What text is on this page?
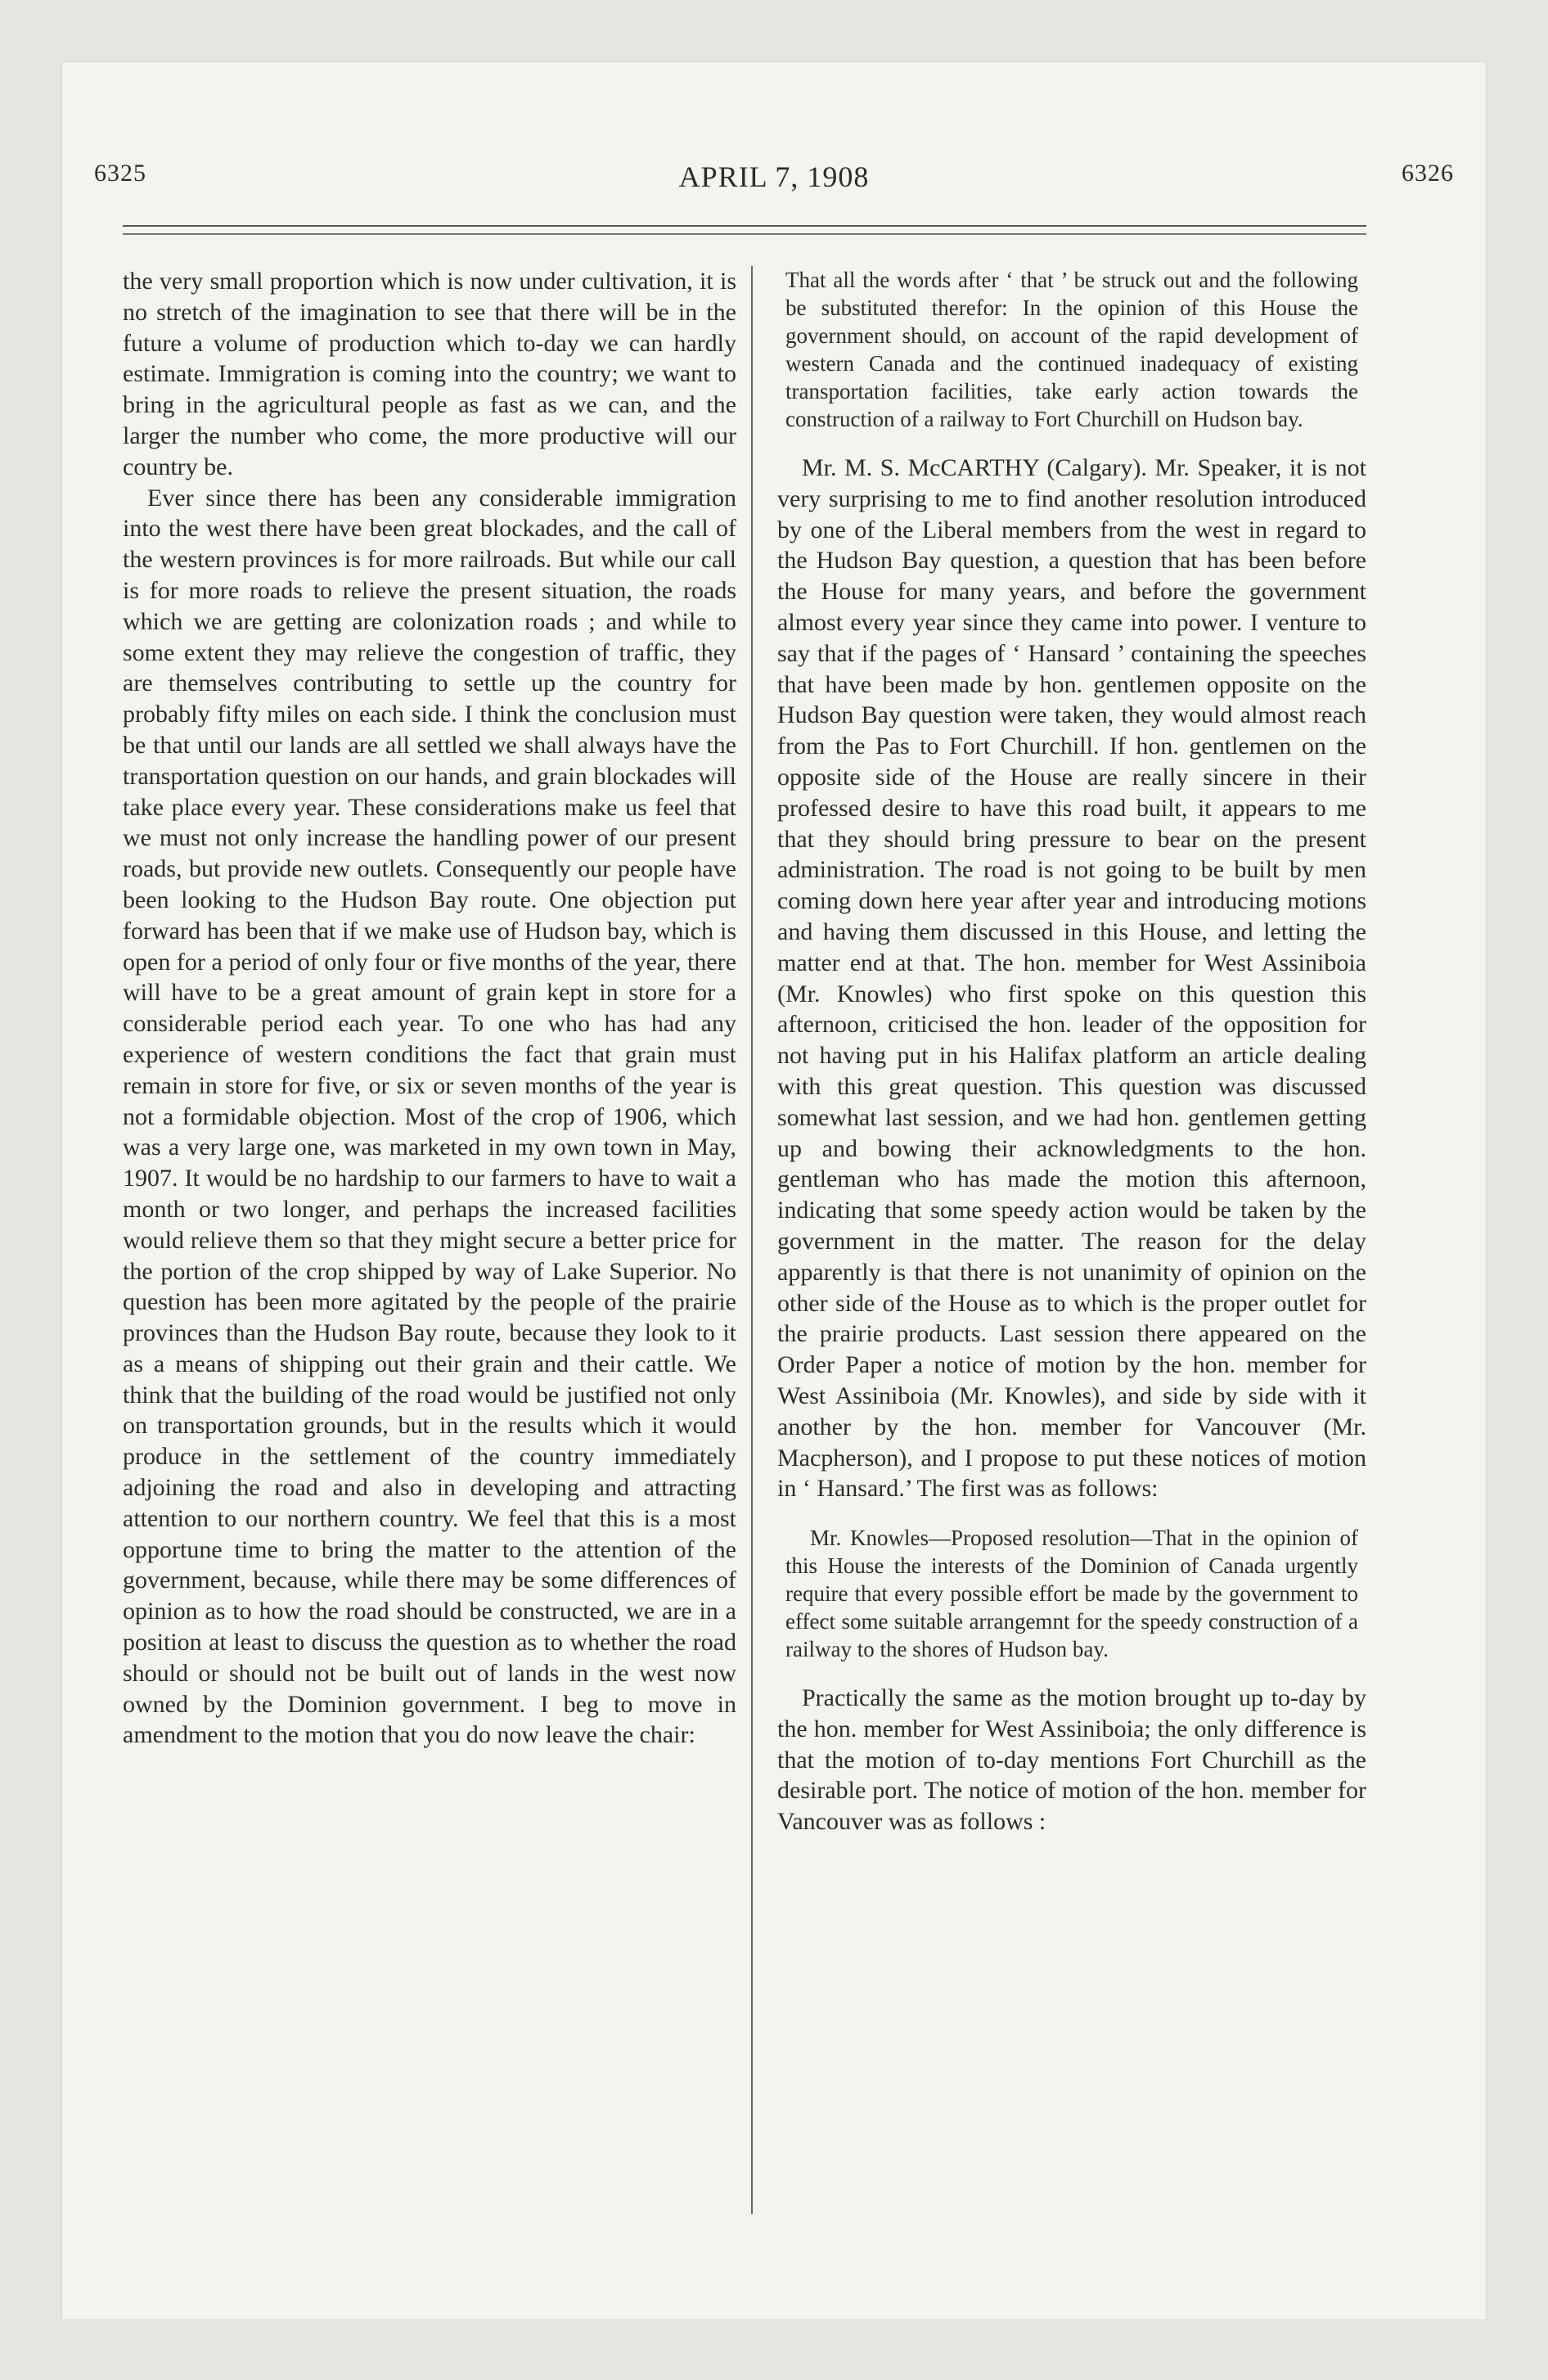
6325	APRIL 7, 1908	6326

the very small proportion which is now under cultivation, it is no stretch of the imagination to see that there will be in the future a volume of production which to-day we can hardly estimate. Immigration is coming into the country; we want to bring in the agricultural people as fast as we can, and the larger the number who come, the more productive will our country be.

Ever since there has been any considerable immigration into the west there have been great blockades, and the call of the western provinces is for more railroads. But while our call is for more roads to relieve the present situation, the roads which we are getting are colonization roads ; and while to some extent they may relieve the congestion of traffic, they are themselves contributing to settle up the country for probably fifty miles on each side. I think the conclusion must be that until our lands are all settled we shall always have the transportation question on our hands, and grain blockades will take place every year. These considerations make us feel that we must not only increase the handling power of our present roads, but provide new outlets. Consequently our people have been looking to the Hudson Bay route. One objection put forward has been that if we make use of Hudson bay, which is open for a period of only four or five months of the year, there will have to be a great amount of grain kept in store for a considerable period each year. To one who has had any experience of western conditions the fact that grain must remain in store for five, or six or seven months of the year is not a formidable objection. Most of the crop of 1906, which was a very large one, was marketed in my own town in May, 1907. It would be no hardship to our farmers to have to wait a month or two longer, and perhaps the increased facilities would relieve them so that they might secure a better price for the portion of the crop shipped by way of Lake Superior. No question has been more agitated by the people of the prairie provinces than the Hudson Bay route, because they look to it as a means of shipping out their grain and their cattle. We think that the building of the road would be justified not only on transportation grounds, but in the results which it would produce in the settlement of the country immediately adjoining the road and also in developing and attracting attention to our northern country. We feel that this is a most opportune time to bring the matter to the attention of the government, because, while there may be some differences of opinion as to how the road should be constructed, we are in a position at least to discuss the question as to whether the road should or should not be built out of lands in the west now owned by the Dominion government. I beg to move in amendment to the motion that you do now leave the chair:

That all the words after ‘ that ’ be struck out and the following be substituted therefor: In the opinion of this House the government should, on account of the rapid development of western Canada and the continued inadequacy of existing transportation facilities, take early action towards the construction of a railway to Fort Churchill on Hudson bay.

Mr. M. S. McCARTHY (Calgary). Mr. Speaker, it is not very surprising to me to find another resolution introduced by one of the Liberal members from the west in regard to the Hudson Bay question, a question that has been before the House for many years, and before the government almost every year since they came into power. I venture to say that if the pages of ‘ Hansard ’ containing the speeches that have been made by hon. gentlemen opposite on the Hudson Bay question were taken, they would almost reach from the Pas to Fort Churchill. If hon. gentlemen on the opposite side of the House are really sincere in their professed desire to have this road built, it appears to me that they should bring pressure to bear on the present administration. The road is not going to be built by men coming down here year after year and introducing motions and having them discussed in this House, and letting the matter end at that. The hon. member for West Assiniboia (Mr. Knowles) who first spoke on this question this afternoon, criticised the hon. leader of the opposition for not having put in his Halifax platform an article dealing with this great question. This question was discussed somewhat last session, and we had hon. gentlemen getting up and bowing their acknowledgments to the hon. gentleman who has made the motion this afternoon, indicating that some speedy action would be taken by the government in the matter. The reason for the delay apparently is that there is not unanimity of opinion on the other side of the House as to which is the proper outlet for the prairie products. Last session there appeared on the Order Paper a notice of motion by the hon. member for West Assiniboia (Mr. Knowles), and side by side with it another by the hon. member for Vancouver (Mr. Macpherson), and I propose to put these notices of motion in ‘ Hansard.’ The first was as follows:

Mr. Knowles—Proposed resolution—That in the opinion of this House the interests of the Dominion of Canada urgently require that every possible effort be made by the government to effect some suitable arrangemnt for the speedy construction of a railway to the shores of Hudson bay.

Practically the same as the motion brought up to-day by the hon. member for West Assiniboia; the only difference is that the motion of to-day mentions Fort Churchill as the desirable port. The notice of motion of the hon. member for Vancouver was as follows :
